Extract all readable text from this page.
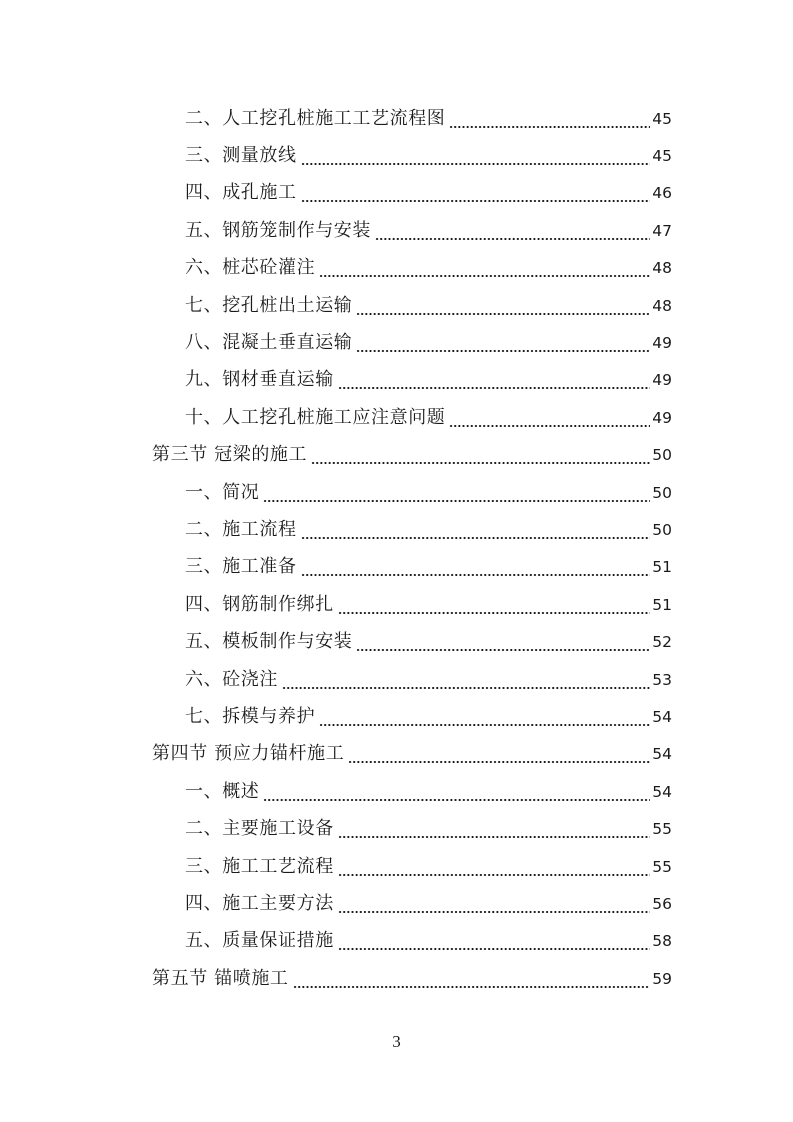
二、人工挖孔桩施工工艺流程图	45
三、测量放线	45
四、成孔施工	46
五、钢筋笼制作与安装	47
六、桩芯砼灌注	48
七、挖孔桩出土运输	48
八、混凝土垂直运输	49
九、钢材垂直运输	49
十、人工挖孔桩施工应注意问题	49
第三节 冠梁的施工	50
一、简况	50
二、施工流程	50
三、施工准备	51
四、钢筋制作绑扎	51
五、模板制作与安装	52
六、砼浇注	53
七、拆模与养护	54
第四节 预应力锚杆施工	54
一、概述	54
二、主要施工设备	55
三、施工工艺流程	55
四、施工主要方法	56
五、质量保证措施	58
第五节 锚喷施工	59
3
